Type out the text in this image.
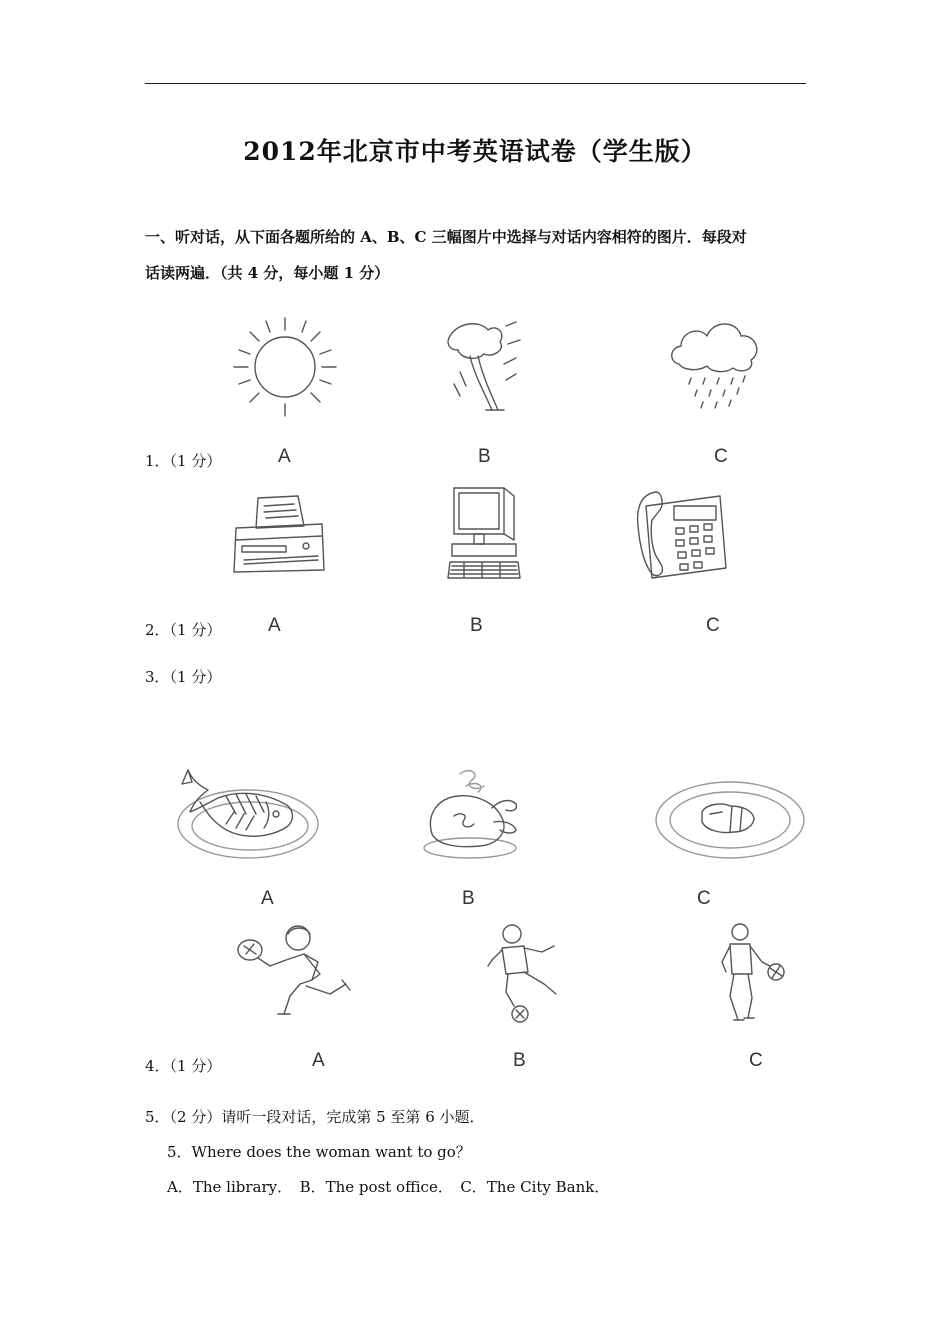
2012年北京市中考英语试卷（学生版）
一、听对话，从下面各题所给的 A、B、C 三幅图片中选择与对话内容相符的图片．每段对
话读两遍．（共 4 分，每小题 1 分）
1．（1 分）	A	B	C
2．（1 分） A	B	C
3．（1 分）
A	B	C
4．（1 分）	A	B	C
5．（2 分）请听一段对话，完成第 5 至第 6 小题．
5．Where does the woman want to go？
A．The library．　B．The post office．　C．The City Bank．
